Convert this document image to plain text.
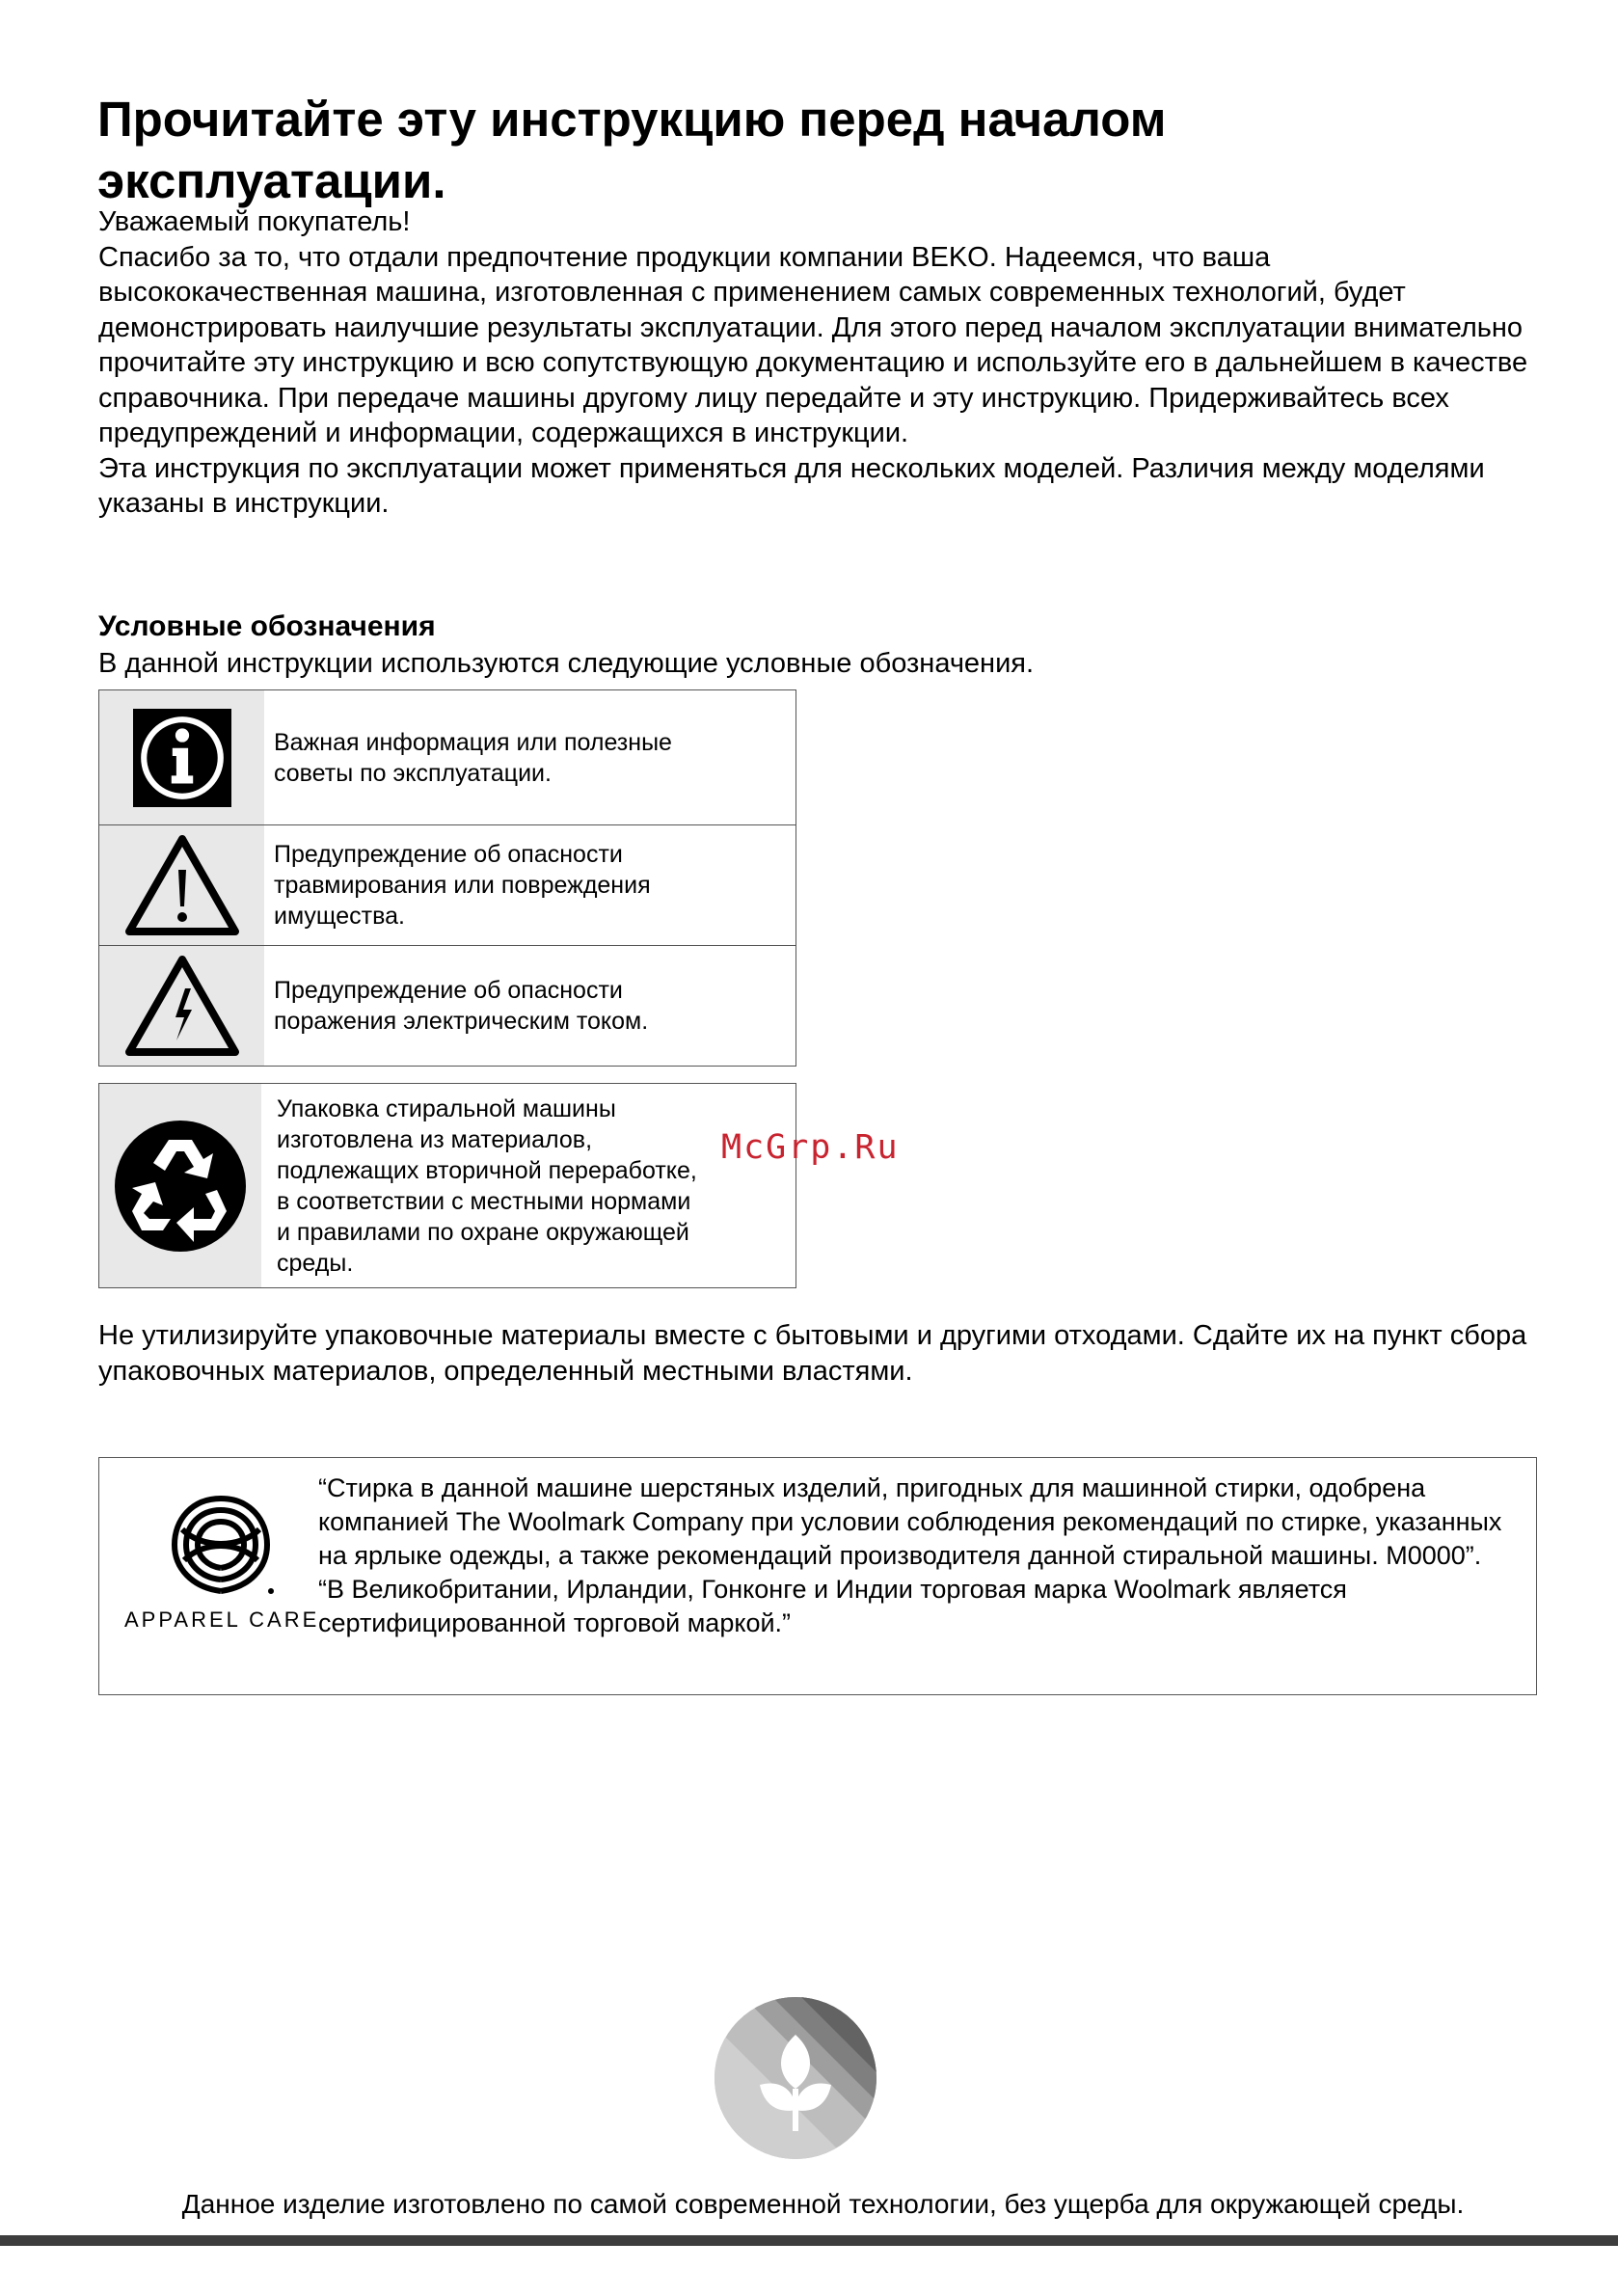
Прочитайте эту инструкцию перед началом эксплуатации.

Уважаемый покупатель!

Спасибо за то, что отдали предпочтение продукции компании BEKO. Надеемся, что ваша высококачественная машина, изготовленная с применением самых современных технологий, будет демонстрировать наилучшие результаты эксплуатации. Для этого перед началом эксплуатации внимательно прочитайте эту инструкцию и всю сопутствующую документацию и используйте его в дальнейшем в качестве справочника. При передаче машины другому лицу передайте и эту инструкцию. Придерживайтесь всех предупреждений и информации, содержащихся в инструкции.

Эта инструкция по эксплуатации может применяться для нескольких моделей. Различия между моделями указаны в инструкции.

Условные обозначения
В данной инструкции используются следующие условные обозначения.
Важная информация или полезные
советы по эксплуатации.
Предупреждение об опасности
травмирования или повреждения
имущества.
Предупреждение об опасности
поражения электрическим током.
Упаковка стиральной машины
изготовлена из материалов,
подлежащих вторичной переработке,
в соответствии с местными нормами
и правилами по охране окружающей
среды.
McGrp.Ru

Не утилизируйте упаковочные материалы вместе с бытовыми и другими отходами. Сдайте их на пункт сбора упаковочных материалов, определенный местными властями.

APPAREL CARE

“Стирка в данной машине шерстяных изделий, пригодных для машинной стирки, одобрена компанией The Woolmark Company при условии соблюдения рекомендаций по стирке, указанных на ярлыке одежды, а также рекомендаций производителя данной стиральной машины. M0000”.

“В Великобритании, Ирландии, Гонконге и Индии торговая марка Woolmark является сертифицированной торговой маркой.”

Данное изделие изготовлено по самой современной технологии, без ущерба для окружающей среды.
